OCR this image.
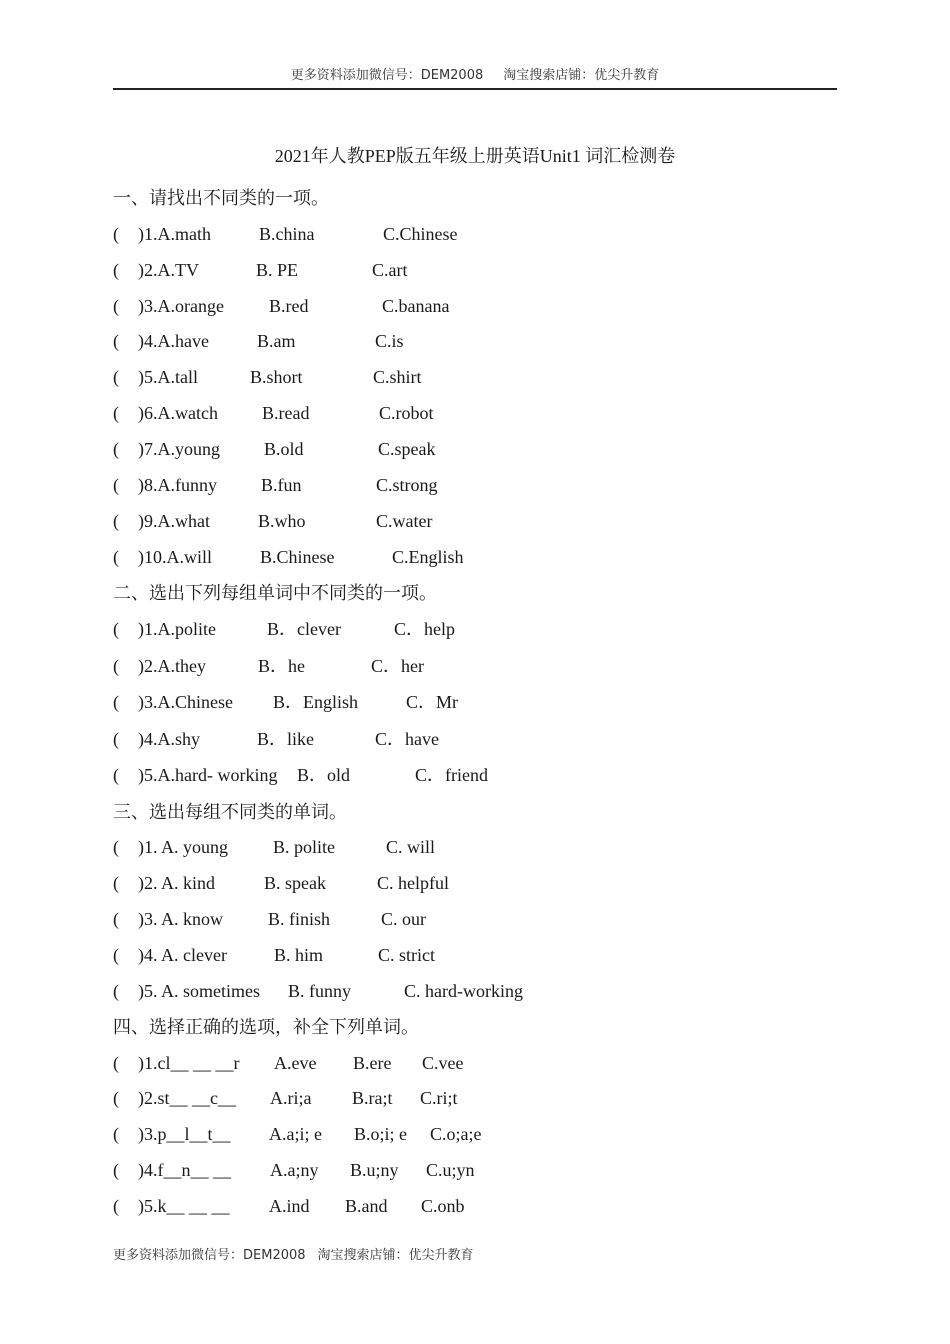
更多资料添加微信号：DEM2008 淘宝搜索店铺：优尖升教育
2021年人教PEP版五年级上册英语Unit1 词汇检测卷
一、请找出不同类的一项。
( )1.A.math	B.china	C.Chinese
( )2.A.TV	B. PE	C.art
( )3.A.orange	B.red	C.banana
( )4.A.have	B.am	C.is
( )5.A.tall	B.short	C.shirt
( )6.A.watch B.read	C.robot
( )7.A.young B.old	C.speak
( )8.A.funny B.fun	C.strong
( )9.A.what	B.who	C.water
( )10.A.will	B.Chinese	C.English
二、选出下列每组单词中不同类的一项。
( )1.A.polite	B．clever	C．help
( )2.A.they	B．he	C．her
( )3.A.Chinese B．English	C．Mr
( )4.A.shy	B．like	C．have
( )5.A.hard- working B．old	C．friend
三、选出每组不同类的单词。
( )1. A. young	B. polite	C. will
( )2. A. kind	B. speak	C. helpful
( )3. A. know	B. finish	C. our
( )4. A. clever	B. him	C. strict
( )5. A. sometimes B. funny	C. hard-working
四、选择正确的选项，补全下列单词。
( )1.cl__ __ __r A.eve B.ere C.vee
( )2.st__ __c__ A.ri;a B.ra;t C.ri;t
( )3.p__l__t__ A.a;i; e B.o;i; e C.o;a;e
( )4.f__n__ __ A.a;ny B.u;ny C.u;yn
( )5.k__ __ __ A.ind B.and C.onb
更多资料添加微信号：DEM2008 淘宝搜索店铺：优尖升教育
